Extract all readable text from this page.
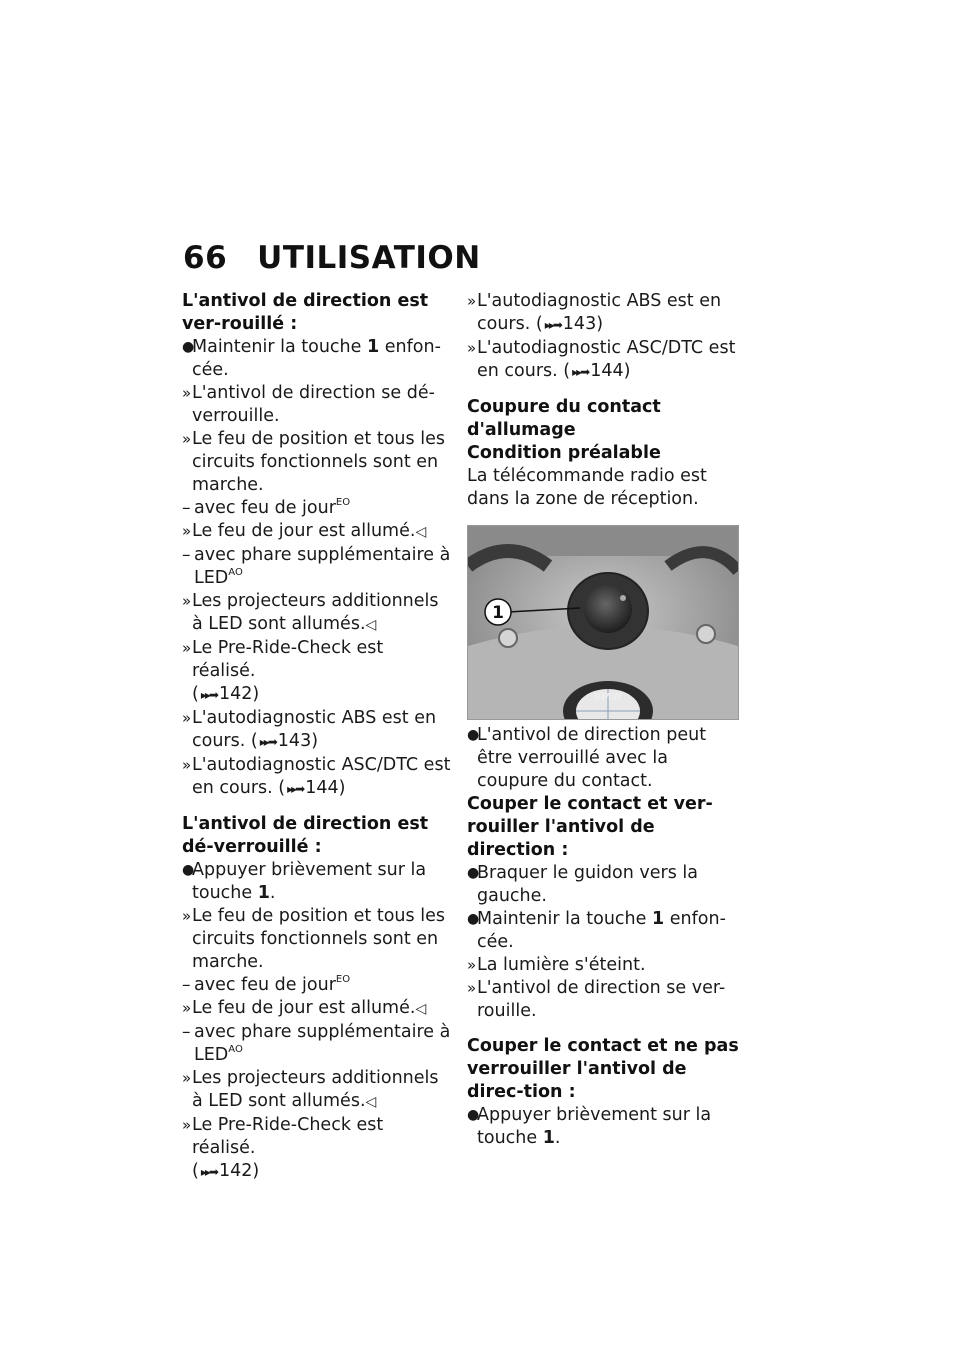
66 UTILISATION

L'antivol de direction est ver-rouillé :

●
Maintenir la touche 1 enfon-cée.
» L'antivol de direction se dé-verrouille.
» Le feu de position et tous les circuits fonctionnels sont en marche.
– avec feu de jour$^{EO}$
» Le feu de jour est allumé.◁
– avec phare supplémentaire à $LED^{AO}$
» Les projecteurs additionnels à LED sont allumés.◁
» Le Pre-Ride-Check est réalisé.
( ▸▸➡ 142)
» L'autodiagnostic ABS est en cours. ( ▸▸➡ 143)
» L'autodiagnostic ASC/DTC est en cours. ( ▸▸➡ 144)

L'antivol de direction est dé-verrouillé :

●
Appuyer brièvement sur la touche 1.
» Le feu de position et tous les circuits fonctionnels sont en marche.
– avec feu de jour$^{EO}$
» Le feu de jour est allumé.◁
– avec phare supplémentaire à $LED^{AO}$
» Les projecteurs additionnels à LED sont allumés.◁
» Le Pre-Ride-Check est réalisé.
( ▸▸➡ 142)
» L'autodiagnostic ABS est en cours. ( ▸▸➡ 143)
» L'autodiagnostic ASC/DTC est en cours. ( ▸▸➡ 144)

Coupure du contact d'allumage

Condition préalable

La télécommande radio est dans la zone de réception.

1
BMW
●
L'antivol de direction peut être verrouillé avec la coupure du contact.

Couper le contact et ver-rouiller l'antivol de direction :

●
Braquer le guidon vers la gauche.
●
Maintenir la touche 1 enfon-cée.
» La lumière s'éteint.
» L'antivol de direction se ver-rouille.

Couper le contact et ne pas verrouiller l'antivol de direc-tion :

●
Appuyer brièvement sur la touche 1.
